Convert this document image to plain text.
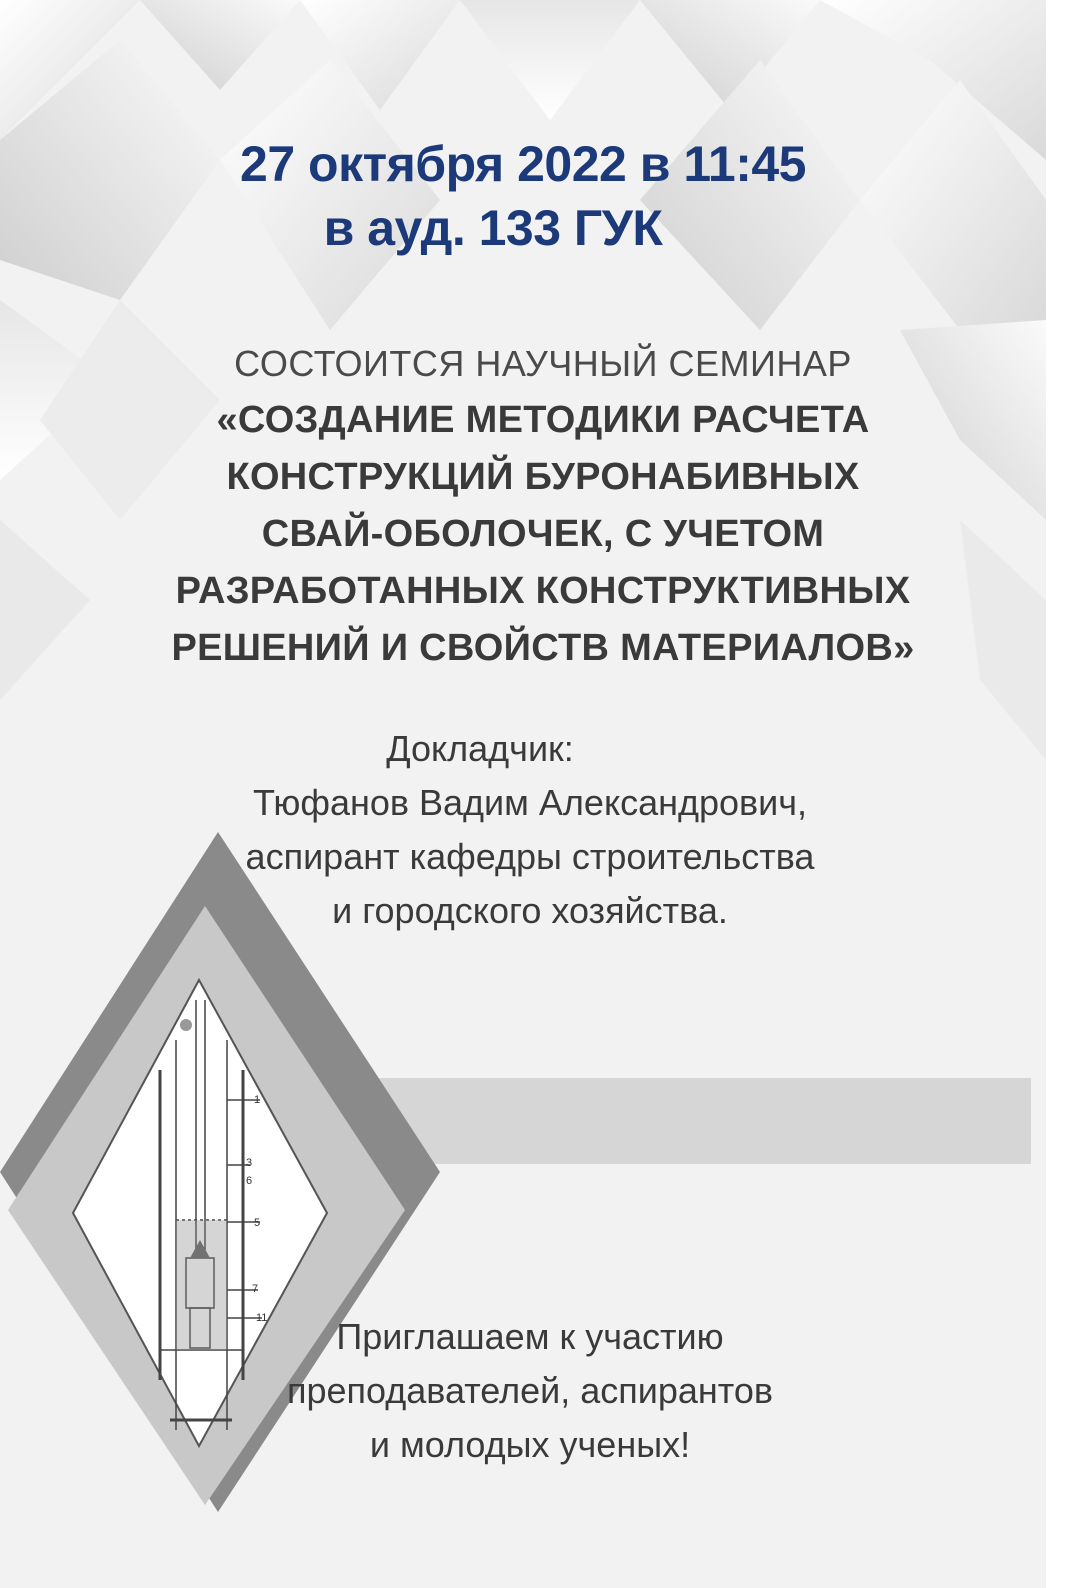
27 октября 2022 в 11:45
в ауд. 133 ГУК
СОСТОИТСЯ НАУЧНЫЙ СЕМИНАР
«СОЗДАНИЕ МЕТОДИКИ РАСЧЕТА
КОНСТРУКЦИЙ БУРОНАБИВНЫХ
СВАЙ-ОБОЛОЧЕК, С УЧЕТОМ
РАЗРАБОТАННЫХ КОНСТРУКТИВНЫХ
РЕШЕНИЙ И СВОЙСТВ МАТЕРИАЛОВ»
Докладчик:
Тюфанов Вадим Александрович,
аспирант кафедры строительства
и городского хозяйства.
1
3
6
5
7
11	Приглашаем к участию
преподавателей, аспирантов
и молодых ученых!
